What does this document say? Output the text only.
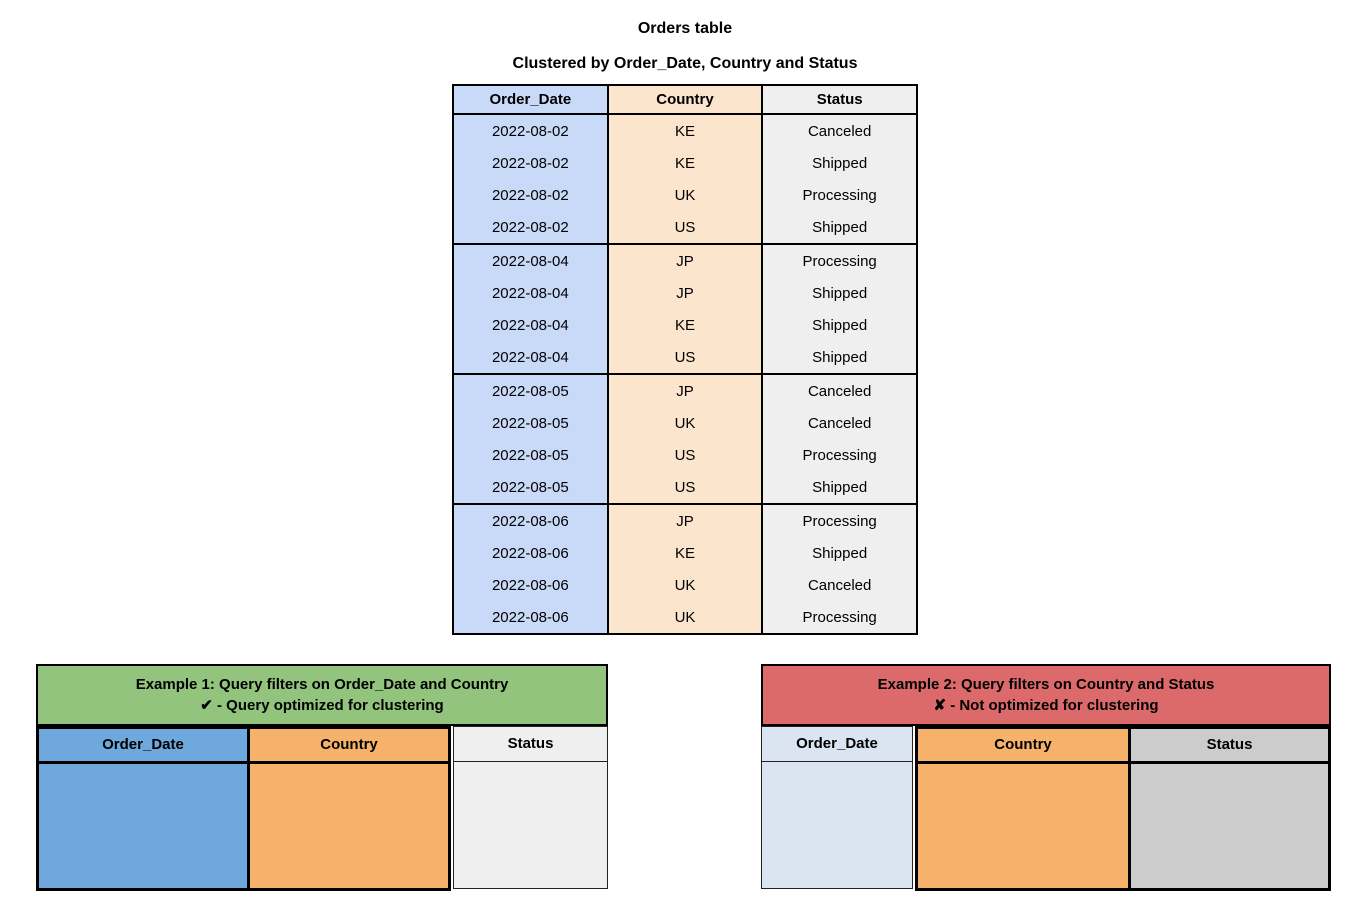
Orders table
Clustered by Order_Date, Country and Status
Order_Date	Country	Status
2022-08-02	KE	Canceled
2022-08-02	KE	Shipped
2022-08-02	UK	Processing
2022-08-02	US	Shipped
2022-08-04	JP	Processing
2022-08-04	JP	Shipped
2022-08-04	KE	Shipped
2022-08-04	US	Shipped
2022-08-05	JP	Canceled
2022-08-05	UK	Canceled
2022-08-05	US	Processing
2022-08-05	US	Shipped
2022-08-06	JP	Processing
2022-08-06	KE	Shipped
2022-08-06	UK	Canceled
2022-08-06	UK	Processing
Example 1: Query filters on Order_Date and Country
✔ - Query optimized for clustering
Order_Date	Country	Status
Example 2: Query filters on Country and Status
✘ - Not optimized for clustering
Order_Date	Country	Status
